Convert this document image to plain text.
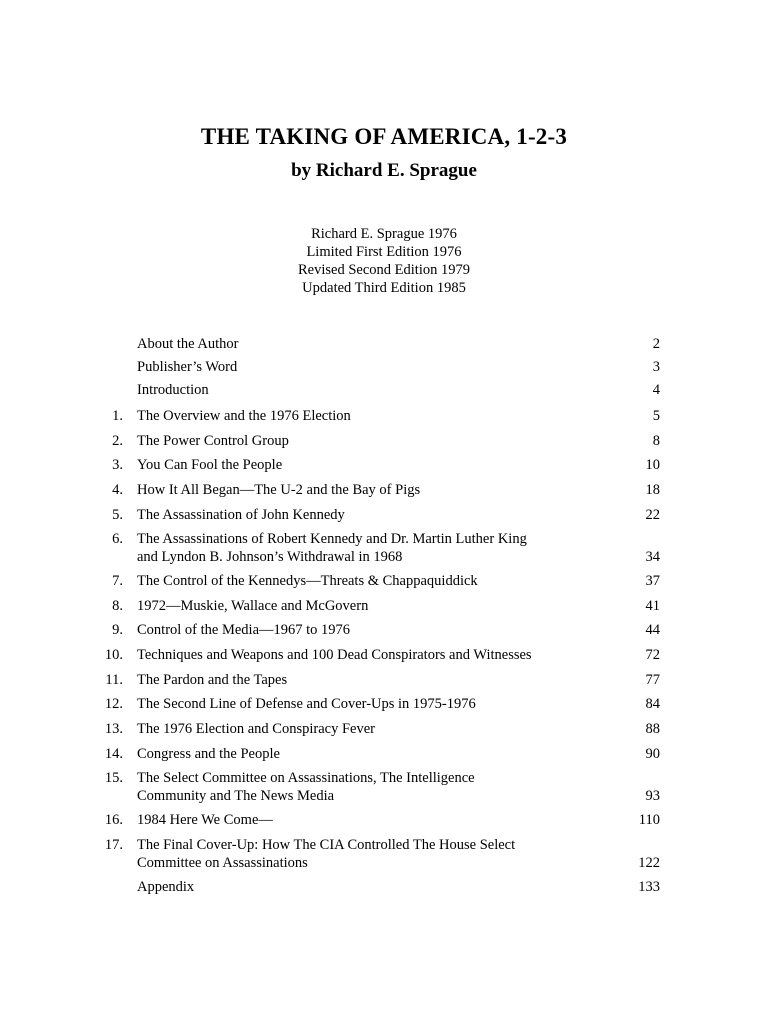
THE TAKING OF AMERICA, 1-2-3
by Richard E. Sprague
Richard E. Sprague 1976
Limited First Edition 1976
Revised Second Edition 1979
Updated Third Edition 1985
About the Author	2
Publisher’s Word	3
Introduction	4
1. The Overview and the 1976 Election	5
2. The Power Control Group	8
3. You Can Fool the People	10
4. How It All Began—The U-2 and the Bay of Pigs	18
5. The Assassination of John Kennedy	22
6. The Assassinations of Robert Kennedy and Dr. Martin Luther King
and Lyndon B. Johnson’s Withdrawal in 1968	34
7. The Control of the Kennedys—Threats & Chappaquiddick	37
8. 1972—Muskie, Wallace and McGovern	41
9. Control of the Media—1967 to 1976	44
10. Techniques and Weapons and 100 Dead Conspirators and Witnesses	72
11. The Pardon and the Tapes	77
12. The Second Line of Defense and Cover-Ups in 1975-1976	84
13. The 1976 Election and Conspiracy Fever	88
14. Congress and the People	90
15. The Select Committee on Assassinations, The Intelligence
Community and The News Media	93
16. 1984 Here We Come—	110
17. The Final Cover-Up: How The CIA Controlled The House Select
Committee on Assassinations	122
Appendix	133
